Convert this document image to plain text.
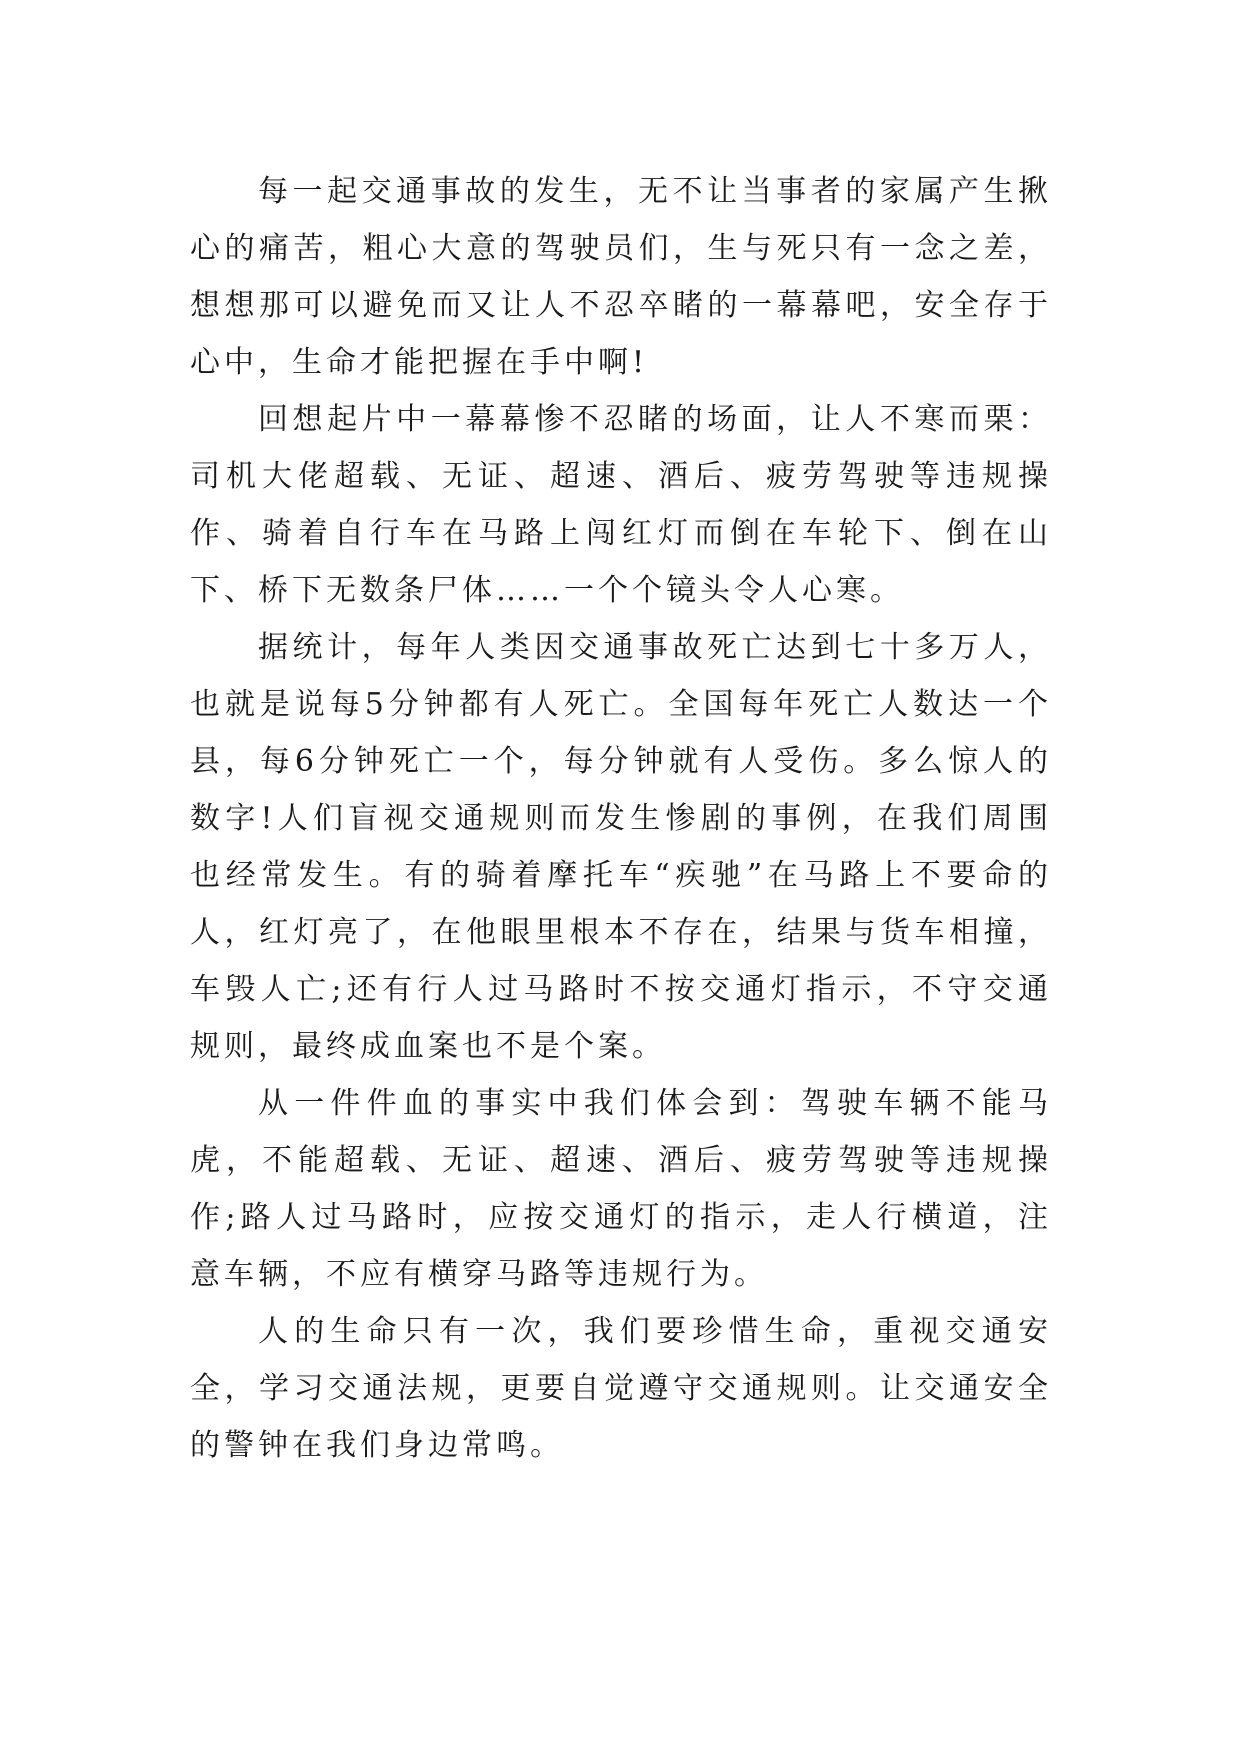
每一起交通事故的发生，无不让当事者的家属产生揪心的痛苦，粗心大意的驾驶员们，生与死只有一念之差，想想那可以避免而又让人不忍卒睹的一幕幕吧，安全存于心中，生命才能把握在手中啊!

回想起片中一幕幕惨不忍睹的场面，让人不寒而栗：司机大佬超载、无证、超速、酒后、疲劳驾驶等违规操作、骑着自行车在马路上闯红灯而倒在车轮下、倒在山下、桥下无数条尸体……一个个镜头令人心寒。

据统计，每年人类因交通事故死亡达到七十多万人，也就是说每5分钟都有人死亡。全国每年死亡人数达一个县，每6分钟死亡一个，每分钟就有人受伤。多么惊人的数字!人们盲视交通规则而发生惨剧的事例，在我们周围也经常发生。有的骑着摩托车“疾驰”在马路上不要命的人，红灯亮了，在他眼里根本不存在，结果与货车相撞，车毁人亡;还有行人过马路时不按交通灯指示，不守交通规则，最终成血案也不是个案。

从一件件血的事实中我们体会到：驾驶车辆不能马虎，不能超载、无证、超速、酒后、疲劳驾驶等违规操作;路人过马路时，应按交通灯的指示，走人行横道，注意车辆，不应有横穿马路等违规行为。

人的生命只有一次，我们要珍惜生命，重视交通安全，学习交通法规，更要自觉遵守交通规则。让交通安全的警钟在我们身边常鸣。
